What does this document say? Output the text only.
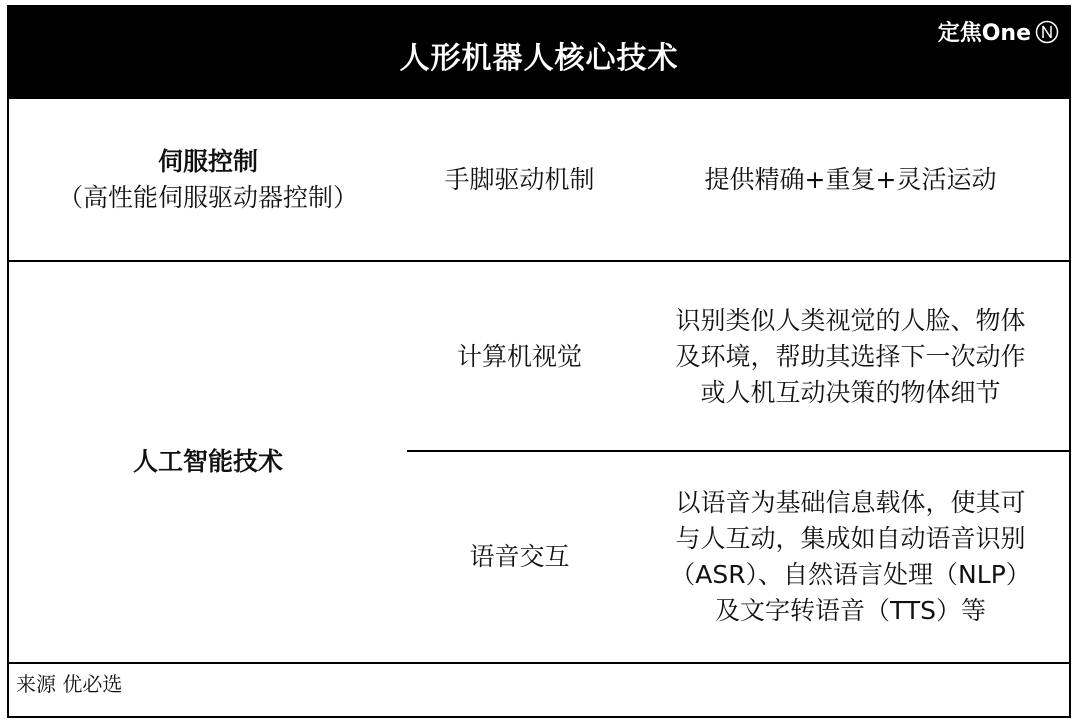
人形机器人核心技术
定焦One
伺服控制
（高性能伺服驱动器控制）
手脚驱动机制	提供精确+重复+灵活运动
人工智能技术
计算机视觉
识别类似人类视觉的人脸、物体
及环境，帮助其选择下一次动作
或人机互动决策的物体细节
语音交互
以语音为基础信息载体，使其可
与人互动，集成如自动语音识别
（ASR）、自然语言处理（NLP）
及文字转语音（TTS）等
来源 优必选
